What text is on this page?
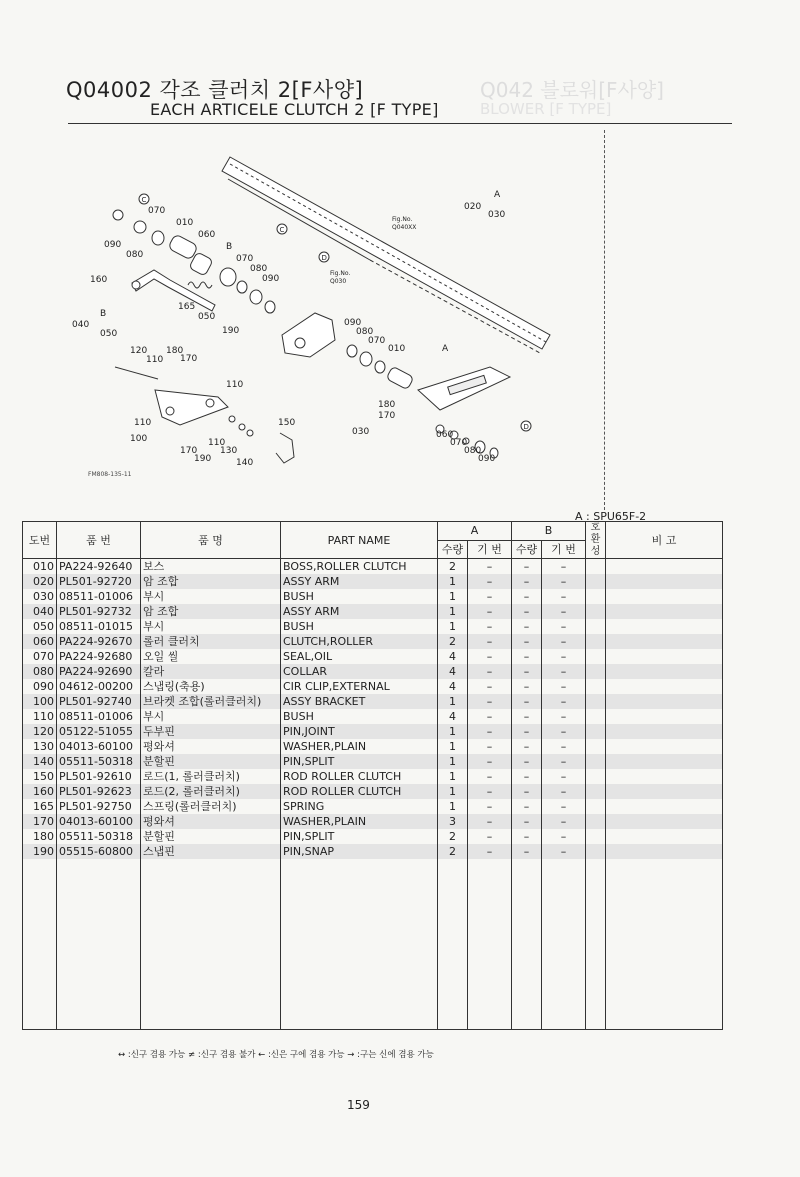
Q042 블로워[F사양]
BLOWER [F TYPE]
Q04002 각조 클러치 2[F사양]
EACH ARTICELE CLUTCH 2 [F TYPE]
070
010
060
090
080
B
070
080
090
160
165
050
190
040
B
050
120
110
180
170
110
110
100
170
190
110
130
140
150
090
080
070
010	A
180
170
030	060
070
080
090
020
A
030
C
C
D
D
Fig.No.
Q040XX
Fig.No.
Q030
FM808-135-11
A : SPU65F-2
도번	품 번	품 명	PART NAME	A		B		호
환
성	비 고
				수량	기 번	수량	기 번		
010	PA224-92640	보스	BOSS,ROLLER CLUTCH	2	–	–	–		
020	PL501-92720	암 조합	ASSY ARM	1	–	–	–		
030	08511-01006	부시	BUSH	1	–	–	–		
040	PL501-92732	암 조합	ASSY ARM	1	–	–	–		
050	08511-01015	부시	BUSH	1	–	–	–		
060	PA224-92670	롤러 클러치	CLUTCH,ROLLER	2	–	–	–		
070	PA224-92680	오일 씰	SEAL,OIL	4	–	–	–		
080	PA224-92690	칼라	COLLAR	4	–	–	–		
090	04612-00200	스냅링(축용)	CIR CLIP,EXTERNAL	4	–	–	–		
100	PL501-92740	브라켓 조합(롤러클러치)	ASSY BRACKET	1	–	–	–		
110	08511-01006	부시	BUSH	4	–	–	–		
120	05122-51055	두부핀	PIN,JOINT	1	–	–	–		
130	04013-60100	평와셔	WASHER,PLAIN	1	–	–	–		
140	05511-50318	분할핀	PIN,SPLIT	1	–	–	–		
150	PL501-92610	로드(1, 롤러클러치)	ROD ROLLER CLUTCH	1	–	–	–		
160	PL501-92623	로드(2, 롤러클러치)	ROD ROLLER CLUTCH	1	–	–	–		
165	PL501-92750	스프링(롤러클러치)	SPRING	1	–	–	–		
170	04013-60100	평와셔	WASHER,PLAIN	3	–	–	–		
180	05511-50318	분할핀	PIN,SPLIT	2	–	–	–		
190	05515-60800	스냅핀	PIN,SNAP	2	–	–	–		

↔ :신구 겸용 가능 ≠ :신구 겸용 불가 ← :신은 구에 겸용 가능 → :구는 신에 겸용 가능
159
